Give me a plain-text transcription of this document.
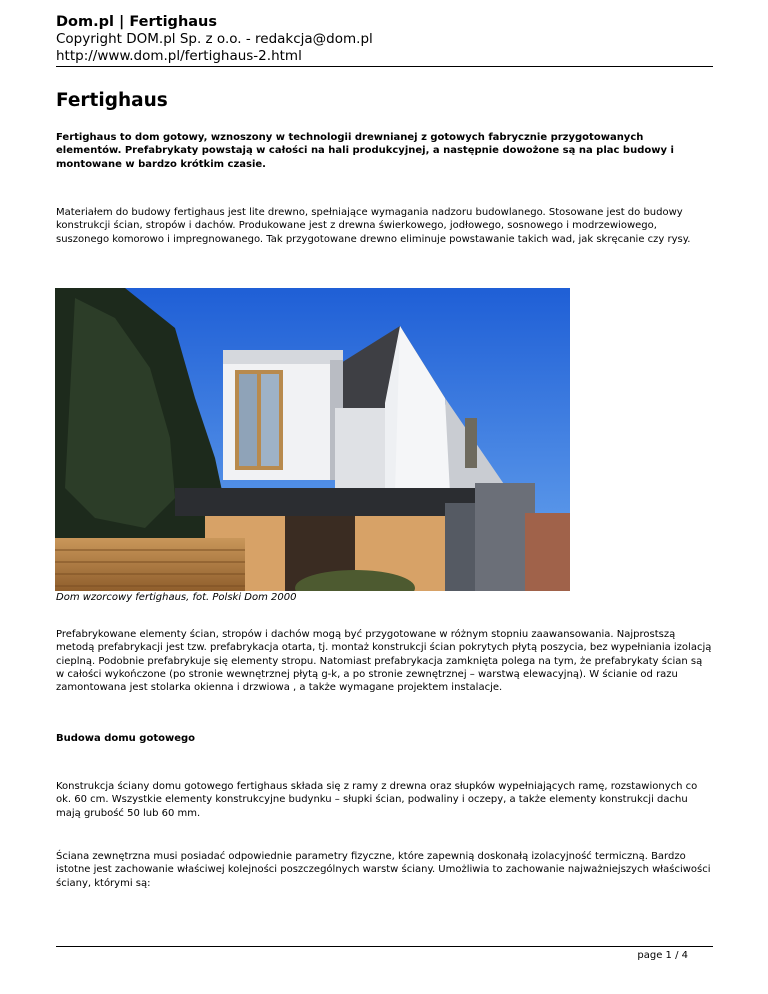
Dom.pl | Fertighaus
Copyright DOM.pl Sp. z o.o. - redakcja@dom.pl
http://www.dom.pl/fertighaus-2.html
Fertighaus

Fertighaus to dom gotowy, wznoszony w technologii drewnianej z gotowych fabrycznie przygotowanych elementów. Prefabrykaty powstają w całości na hali produkcyjnej, a następnie dowożone są na plac budowy i montowane w bardzo krótkim czasie.

Materiałem do budowy fertighaus jest lite drewno, spełniające wymagania nadzoru budowlanego. Stosowane jest do budowy konstrukcji ścian, stropów i dachów. Produkowane jest z drewna świerkowego, jodłowego, sosnowego i modrzewiowego, suszonego komorowo i impregnowanego. Tak przygotowane drewno eliminuje powstawanie takich wad, jak skręcanie czy rysy.

Dom wzorcowy fertighaus, fot. Polski Dom 2000

Prefabrykowane elementy ścian, stropów i dachów mogą być przygotowane w różnym stopniu zaawansowania. Najprostszą metodą prefabrykacji jest tzw. prefabrykacja otarta, tj. montaż konstrukcji ścian pokrytych płytą poszycia, bez wypełniania izolacją cieplną. Podobnie prefabrykuje się elementy stropu. Natomiast prefabrykacja zamknięta polega na tym, że prefabrykaty ścian są w całości wykończone (po stronie wewnętrznej płytą g-k, a po stronie zewnętrznej – warstwą elewacyjną). W ścianie od razu zamontowana jest stolarka okienna i drzwiowa , a także wymagane projektem instalacje.

Budowa domu gotowego

Konstrukcja ściany domu gotowego fertighaus składa się z ramy z drewna oraz słupków wypełniających ramę, rozstawionych co ok. 60 cm. Wszystkie elementy konstrukcyjne budynku – słupki ścian, podwaliny i oczepy, a także elementy konstrukcji dachu mają grubość 50 lub 60 mm.

Ściana zewnętrzna musi posiadać odpowiednie parametry fizyczne, które zapewnią doskonałą izolacyjność termiczną. Bardzo istotne jest zachowanie właściwej kolejności poszczególnych warstw ściany. Umożliwia to zachowanie najważniejszych właściwości ściany, którymi są:

page 1 / 4
